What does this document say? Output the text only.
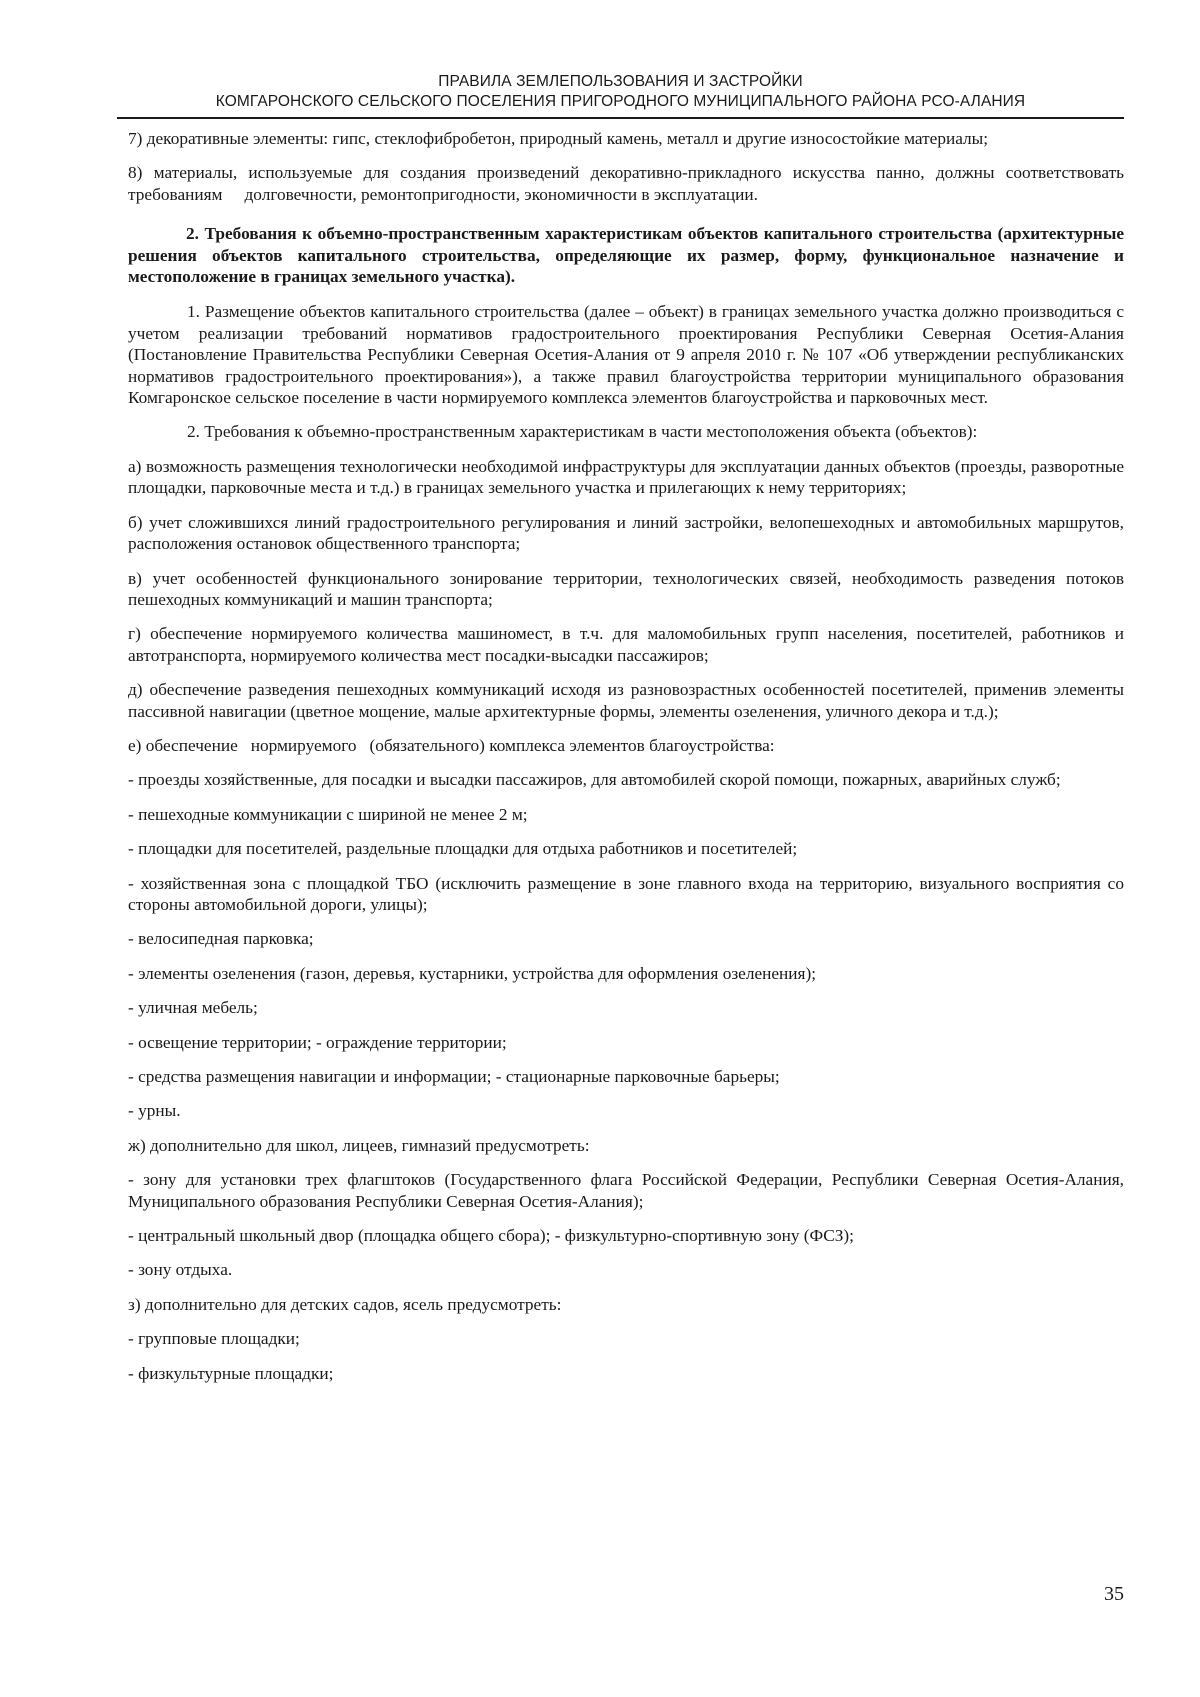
ПРАВИЛА ЗЕМЛЕПОЛЬЗОВАНИЯ И ЗАСТРОЙКИ
КОМГАРОНСКОГО СЕЛЬСКОГО ПОСЕЛЕНИЯ ПРИГОРОДНОГО МУНИЦИПАЛЬНОГО РАЙОНА РСО-АЛАНИЯ

7) декоративные элементы: гипс, стеклофибробетон, природный камень, металл и другие износостойкие материалы;

8) материалы, используемые для создания произведений декоративно-прикладного искусства панно, должны соответствовать требованиям долговечности, ремонтопригодности, экономичности в эксплуатации.

2. Требования к объемно-пространственным характеристикам объектов капитального строительства (архитектурные решения объектов капитального строительства, определяющие их размер, форму, функциональное назначение и местоположение в границах земельного участка).

1. Размещение объектов капитального строительства (далее – объект) в границах земельного участка должно производиться с учетом реализации требований нормативов градостроительного проектирования Республики Северная Осетия-Алания (Постановление Правительства Республики Северная Осетия-Алания от 9 апреля 2010 г. № 107 «Об утверждении республиканских нормативов градостроительного проектирования»), а также правил благоустройства территории муниципального образования Комгаронское сельское поселение в части нормируемого комплекса элементов благоустройства и парковочных мест.

2. Требования к объемно-пространственным характеристикам в части местоположения объекта (объектов):

а) возможность размещения технологически необходимой инфраструктуры для эксплуатации данных объектов (проезды, разворотные площадки, парковочные места и т.д.) в границах земельного участка и прилегающих к нему территориях;

б) учет сложившихся линий градостроительного регулирования и линий застройки, велопешеходных и автомобильных маршрутов, расположения остановок общественного транспорта;

в) учет особенностей функционального зонирование территории, технологических связей, необходимость разведения потоков пешеходных коммуникаций и машин транспорта;

г) обеспечение нормируемого количества машиномест, в т.ч. для маломобильных групп населения, посетителей, работников и автотранспорта, нормируемого количества мест посадки-высадки пассажиров;

д) обеспечение разведения пешеходных коммуникаций исходя из разновозрастных особенностей посетителей, применив элементы пассивной навигации (цветное мощение, малые архитектурные формы, элементы озеленения, уличного декора и т.д.);

е) обеспечение   нормируемого   (обязательного) комплекса элементов благоустройства:

- проезды хозяйственные, для посадки и высадки пассажиров, для автомобилей скорой помощи, пожарных, аварийных служб;

- пешеходные коммуникации с шириной не менее 2 м;

- площадки для посетителей, раздельные площадки для отдыха работников и посетителей;

- хозяйственная зона с площадкой ТБО (исключить размещение в зоне главного входа на территорию, визуального восприятия со стороны автомобильной дороги, улицы);

- велосипедная парковка;

- элементы озеленения (газон, деревья, кустарники, устройства для оформления озеленения);

- уличная мебель;

- освещение территории; - ограждение территории;

- средства размещения навигации и информации; - стационарные парковочные барьеры;

- урны.

ж) дополнительно для школ, лицеев, гимназий предусмотреть:

- зону для установки трех флагштоков (Государственного флага Российской Федерации, Республики Северная Осетия-Алания, Муниципального образования Республики Северная Осетия-Алания);

- центральный школьный двор (площадка общего сбора); - физкультурно-спортивную зону (ФСЗ);

- зону отдыха.

з) дополнительно для детских садов, ясель предусмотреть:

- групповые площадки;

- физкультурные площадки;

35
